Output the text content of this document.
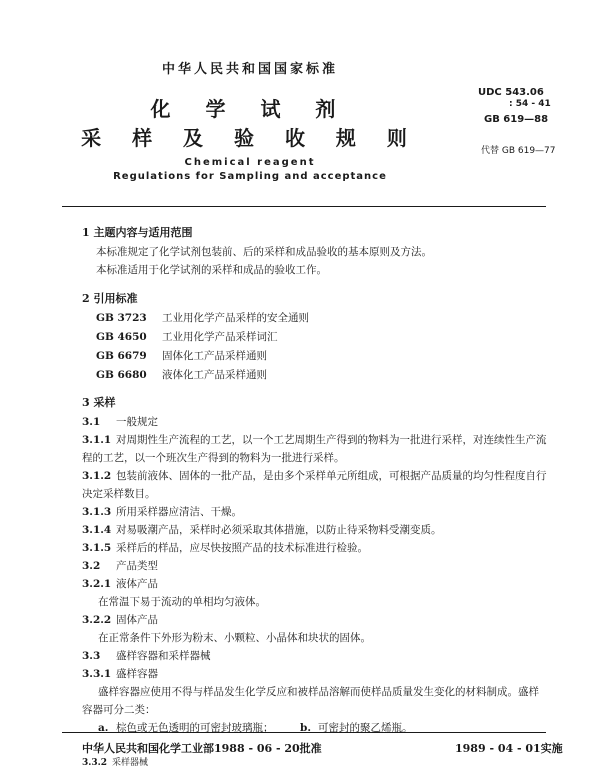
中华人民共和国国家标准
化 学 试 剂
采 样 及 验 收 规 则
Chemical reagent
Regulations for Sampling and acceptance
UDC 543.06
: 54 - 41
GB 619—88
代替 GB 619—77
1 主题内容与适用范围
本标准规定了化学试剂包装前、后的采样和成品验收的基本原则及方法。
本标准适用于化学试剂的采样和成品的验收工作。
2 引用标准
GB 3723 工业用化学产品采样的安全通则
GB 4650 工业用化学产品采样词汇
GB 6679 固体化工产品采样通则
GB 6680 液体化工产品采样通则
3 采样
3.1 一般规定
3.1.1 对周期性生产流程的工艺，以一个工艺周期生产得到的物料为一批进行采样，对连续性生产流
程的工艺，以一个班次生产得到的物料为一批进行采样。
3.1.2 包装前液体、固体的一批产品，是由多个采样单元所组成，可根据产品质量的均匀性程度自行
决定采样数目。
3.1.3 所用采样器应清洁、干燥。
3.1.4 对易吸潮产品，采样时必须采取其体措施，以防止待采物料受潮变质。
3.1.5 采样后的样品，应尽快按照产品的技术标准进行检验。
3.2 产品类型
3.2.1 液体产品
在常温下易于流动的单相均匀液体。
3.2.2 固体产品
在正常条件下外形为粉末、小颗粒、小晶体和块状的固体。
3.3 盛样容器和采样器械
3.3.1 盛样容器
盛样容器应使用不得与样品发生化学反应和被样品溶解而使样品质量发生变化的材料制成。盛样
容器可分二类：
a. 棕色或无色透明的可密封玻璃瓶；
中华人民共和国化学工业部1988 - 06 - 20批准	1989 - 04 - 01实施
b. 可密封的聚乙烯瓶。
3.3.2 采样器械
